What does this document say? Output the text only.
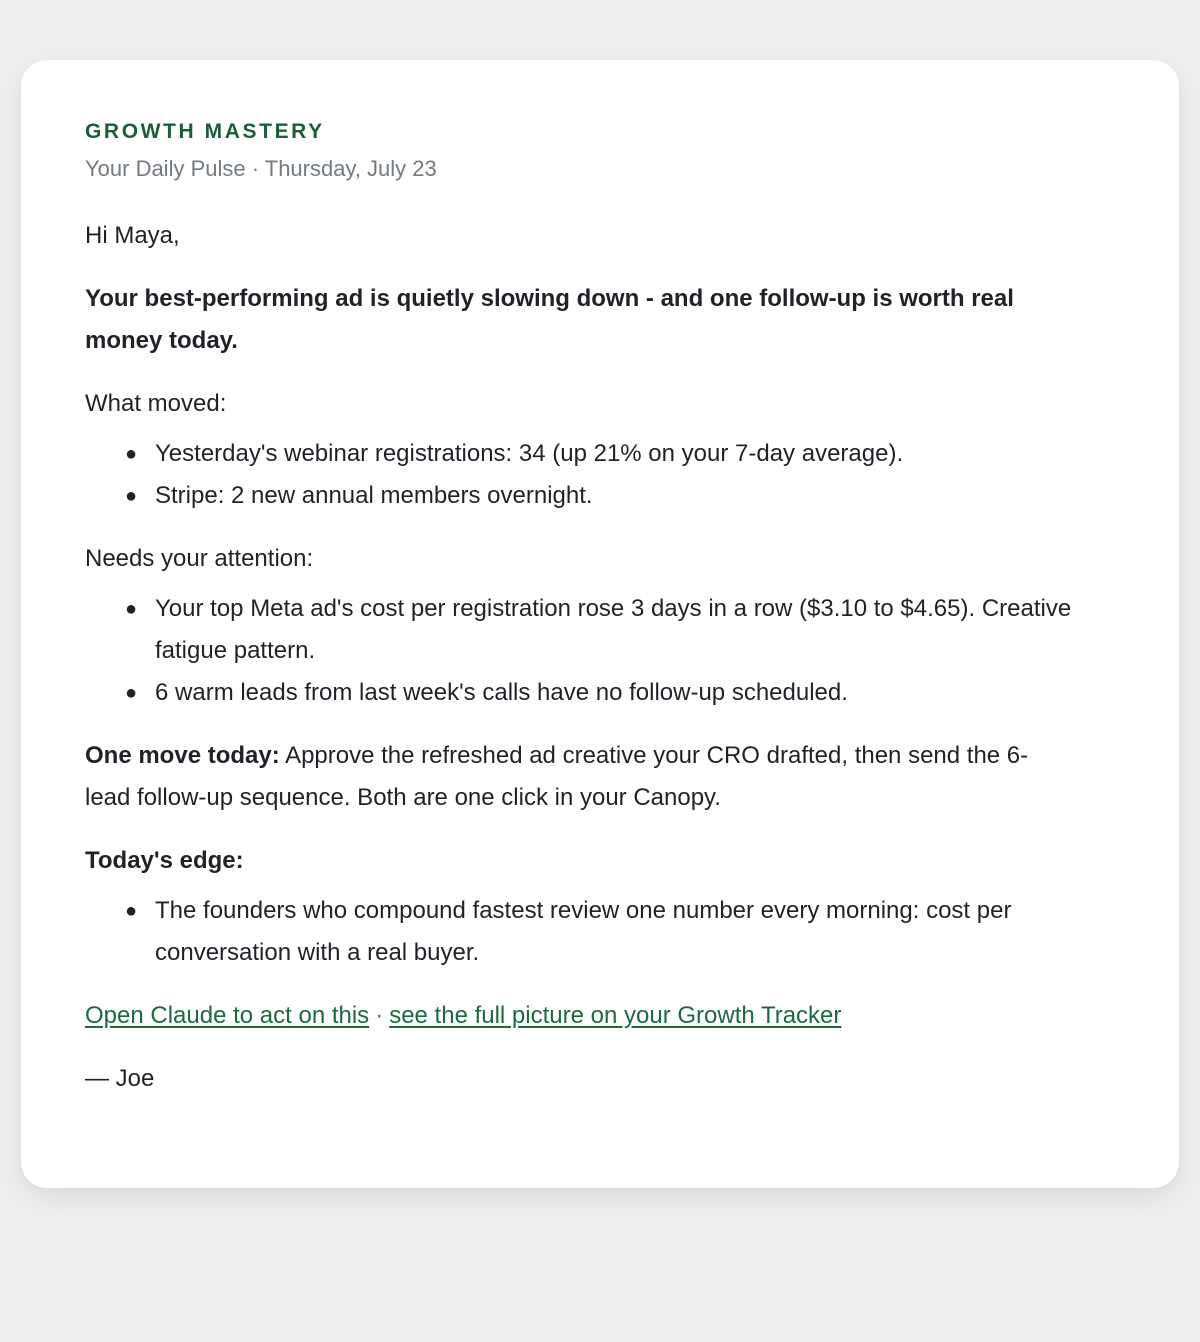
GROWTH MASTERY
Your Daily Pulse · Thursday, July 23
Hi Maya,
Your best-performing ad is quietly slowing down - and one follow-up is worth real money today.
What moved:
● Yesterday's webinar registrations: 34 (up 21% on your 7-day average).
● Stripe: 2 new annual members overnight.
Needs your attention:
● Your top Meta ad's cost per registration rose 3 days in a row ($3.10 to $4.65). Creative fatigue pattern.
● 6 warm leads from last week's calls have no follow-up scheduled.
One move today: Approve the refreshed ad creative your CRO drafted, then send the 6-lead follow-up sequence. Both are one click in your Canopy.
Today's edge:
● The founders who compound fastest review one number every morning: cost per conversation with a real buyer.
Open Claude to act on this · see the full picture on your Growth Tracker
— Joe
